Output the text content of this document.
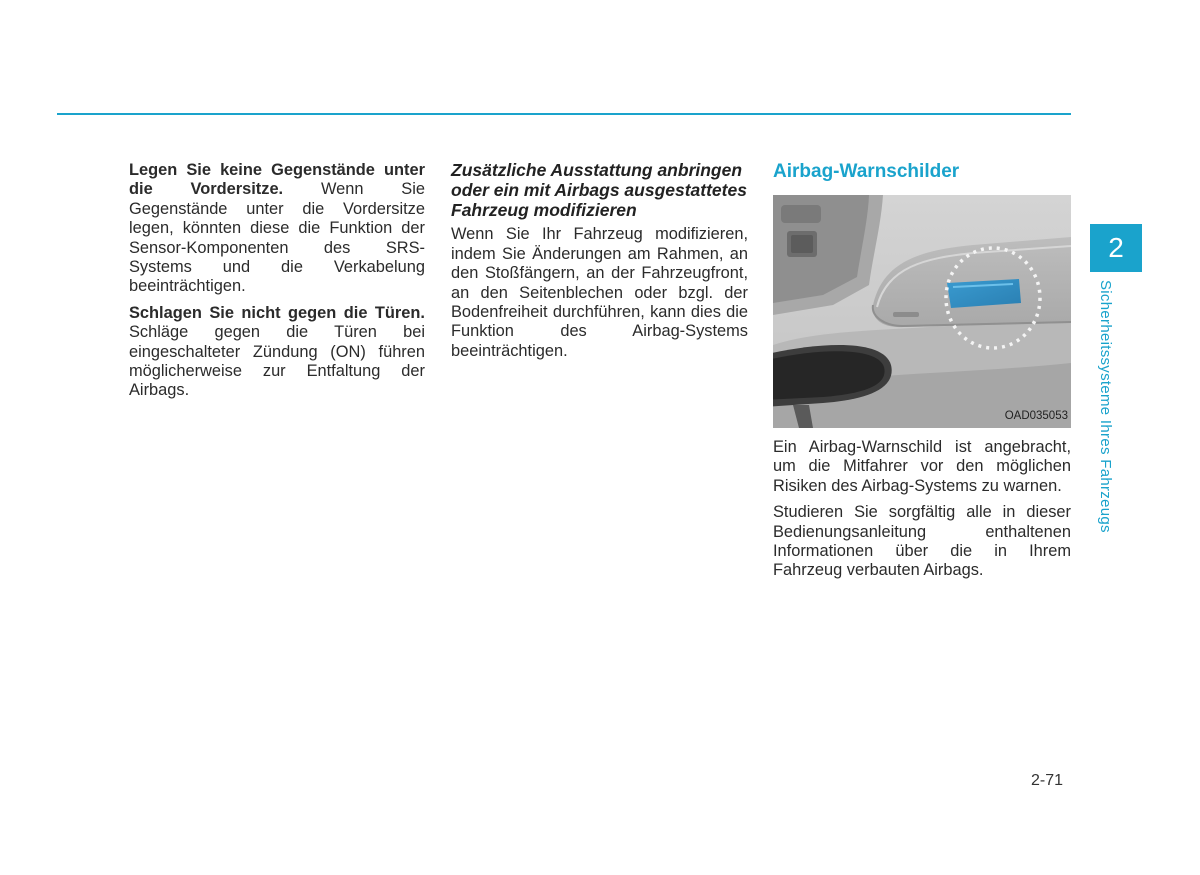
Legen Sie keine Gegenstände unter die Vordersitze. Wenn Sie Gegenstände unter die Vordersitze legen, könnten diese die Funktion der Sensor-Komponenten des SRS-Systems und die Verkabelung beeinträchtigen.

Schlagen Sie nicht gegen die Türen. Schläge gegen die Türen bei eingeschalteter Zündung (ON) führen möglicherweise zur Entfaltung der Airbags.

Zusätzliche Ausstattung anbringen oder ein mit Airbags ausgestattetes Fahrzeug modifizieren

Wenn Sie Ihr Fahrzeug modifizieren, indem Sie Änderungen am Rahmen, an den Stoßfängern, an der Fahrzeugfront, an den Seitenblechen oder bzgl. der Bodenfreiheit durchführen, kann dies die Funktion des Airbag-Systems beeinträchtigen.

Airbag-Warnschilder
OAD035053

Ein Airbag-Warnschild ist angebracht, um die Mitfahrer vor den möglichen Risiken des Airbag-Systems zu warnen.

Studieren Sie sorgfältig alle in dieser Bedienungsanleitung enthaltenen Informationen über die in Ihrem Fahrzeug verbauten Airbags.

2
Sicherheitssysteme Ihres Fahrzeugs
2-71
